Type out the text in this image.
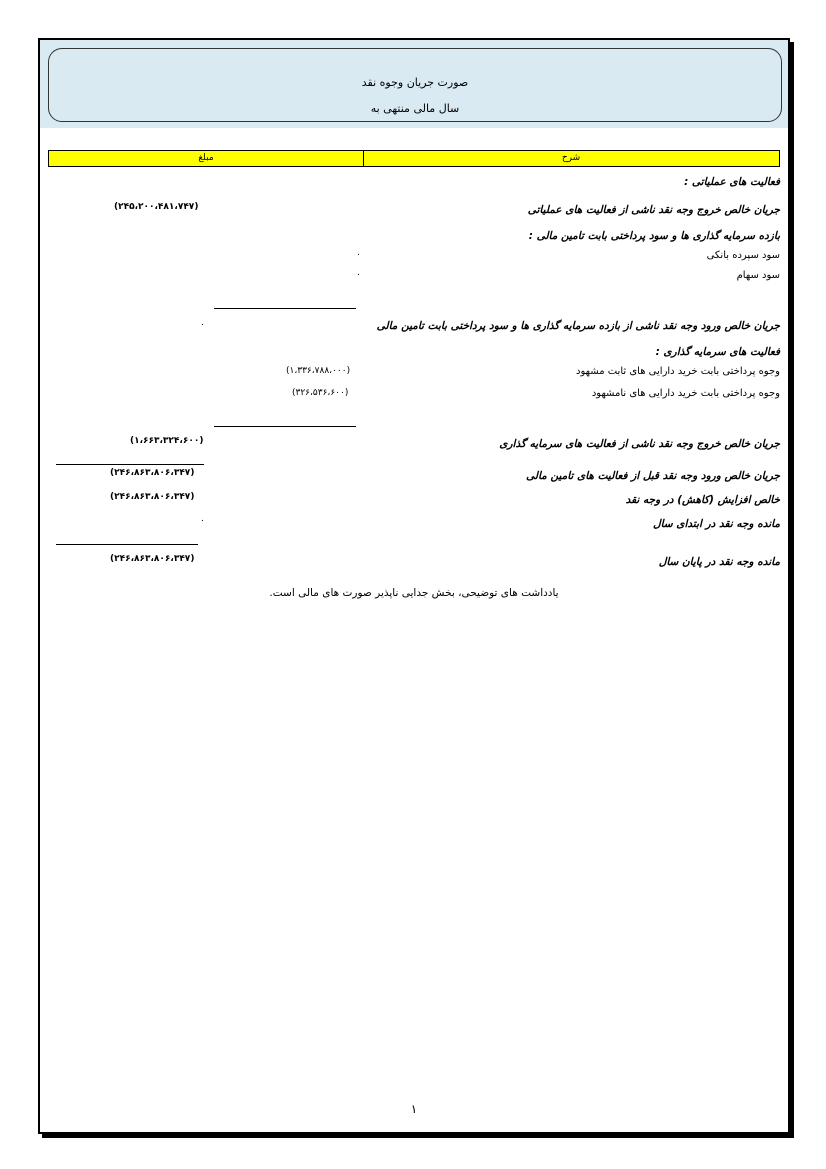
صورت جریان وجوه نقد
سال مالی منتهی به
شرح
مبلغ
فعالیت های عملیاتی :
جریان خالص خروج وجه نقد ناشی از فعالیت های عملیاتی
(۲۴۵،۲۰۰،۴۸۱،۷۴۷)
بازده سرمایه گذاری ها و سود پرداختی بابت تامین مالی :
سود سپرده بانکی
۰
سود سهام
۰
جریان خالص ورود وجه نقد ناشی از بازده سرمایه گذاری ها و سود پرداختی بابت تامین مالی
۰
فعالیت های سرمایه گذاری :
وجوه پرداختی بابت خرید دارایی های ثابت مشهود
(۱،۳۳۶،۷۸۸،۰۰۰)
وجوه پرداختی بابت خرید دارایی های نامشهود
(۳۲۶،۵۳۶،۶۰۰)
جریان خالص خروج وجه نقد ناشی از فعالیت های سرمایه گذاری
(۱،۶۶۳،۳۲۴،۶۰۰)
جریان خالص ورود وجه نقد قبل از فعالیت های تامین مالی
(۲۴۶،۸۶۳،۸۰۶،۳۴۷)
خالص افزایش (کاهش) در وجه نقد
(۲۴۶،۸۶۳،۸۰۶،۳۴۷)
مانده وجه نقد در ابتدای سال
۰
مانده وجه نقد در پایان سال
(۲۴۶،۸۶۳،۸۰۶،۳۴۷)
یادداشت های توضیحی، بخش جدایی ناپذیر صورت های مالی است.
۱
